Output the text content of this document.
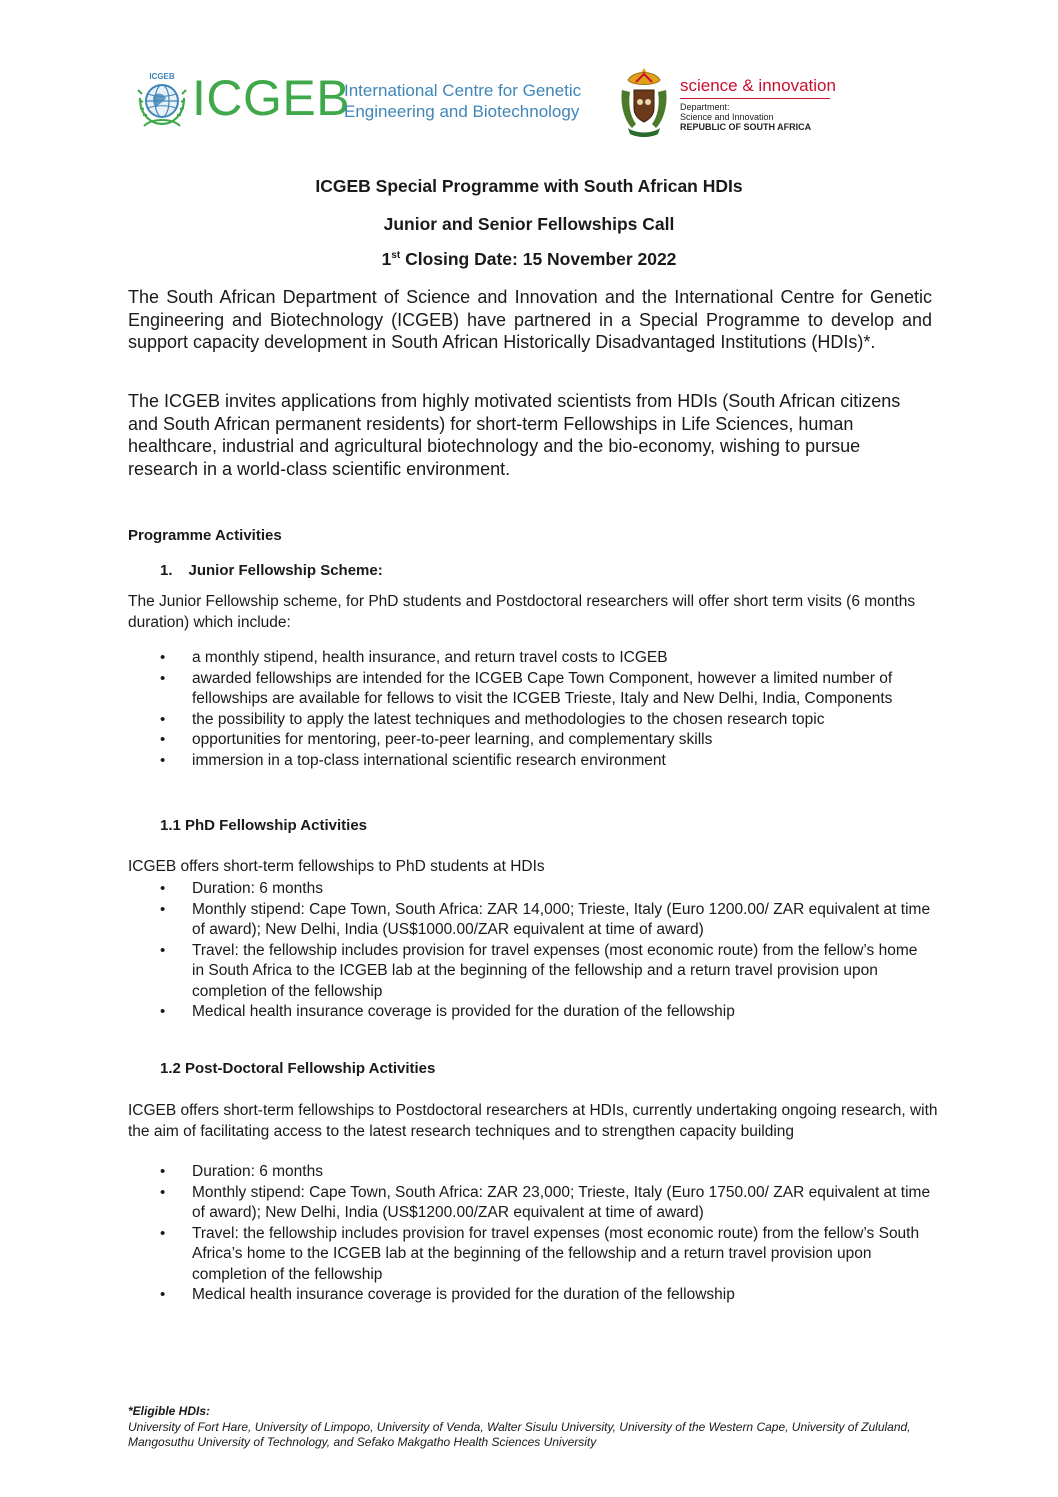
ICGEB ICGEB
International Centre for Genetic
Engineering and Biotechnology
science & innovation
Department:
Science and Innovation
REPUBLIC OF SOUTH AFRICA
ICGEB Special Programme with South African HDIs
Junior and Senior Fellowships Call
1st Closing Date: 15 November 2022

The South African Department of Science and Innovation and the International Centre for Genetic Engineering and Biotechnology (ICGEB) have partnered in a Special Programme to develop and support capacity development in South African Historically Disadvantaged Institutions (HDIs)*.

The ICGEB invites applications from highly motivated scientists from HDIs (South African citizens and South African permanent residents) for short-term Fellowships in Life Sciences, human healthcare, industrial and agricultural biotechnology and the bio-economy, wishing to pursue research in a world-class scientific environment.

Programme Activities
1. Junior Fellowship Scheme:
The Junior Fellowship scheme, for PhD students and Postdoctoral researchers will offer short term visits (6 months duration) which include:
• a monthly stipend, health insurance, and return travel costs to ICGEB
• awarded fellowships are intended for the ICGEB Cape Town Component, however a limited number of fellowships are available for fellows to visit the ICGEB Trieste, Italy and New Delhi, India, Components
• the possibility to apply the latest techniques and methodologies to the chosen research topic
• opportunities for mentoring, peer-to-peer learning, and complementary skills
• immersion in a top-class international scientific research environment
1.1 PhD Fellowship Activities
ICGEB offers short-term fellowships to PhD students at HDIs
• Duration: 6 months
• Monthly stipend: Cape Town, South Africa: ZAR 14,000; Trieste, Italy (Euro 1200.00/ ZAR equivalent at time of award); New Delhi, India (US$1000.00/ZAR equivalent at time of award)
• Travel: the fellowship includes provision for travel expenses (most economic route) from the fellow’s home in South Africa to the ICGEB lab at the beginning of the fellowship and a return travel provision upon completion of the fellowship
• Medical health insurance coverage is provided for the duration of the fellowship
1.2 Post-Doctoral Fellowship Activities
ICGEB offers short-term fellowships to Postdoctoral researchers at HDIs, currently undertaking ongoing research, with the aim of facilitating access to the latest research techniques and to strengthen capacity building
• Duration: 6 months
• Monthly stipend: Cape Town, South Africa: ZAR 23,000; Trieste, Italy (Euro 1750.00/ ZAR equivalent at time of award); New Delhi, India (US$1200.00/ZAR equivalent at time of award)
• Travel: the fellowship includes provision for travel expenses (most economic route) from the fellow’s South Africa’s home to the ICGEB lab at the beginning of the fellowship and a return travel provision upon completion of the fellowship
• Medical health insurance coverage is provided for the duration of the fellowship
*Eligible HDIs:
University of Fort Hare, University of Limpopo, University of Venda, Walter Sisulu University, University of the Western Cape, University of Zululand, Mangosuthu University of Technology, and Sefako Makgatho Health Sciences University
